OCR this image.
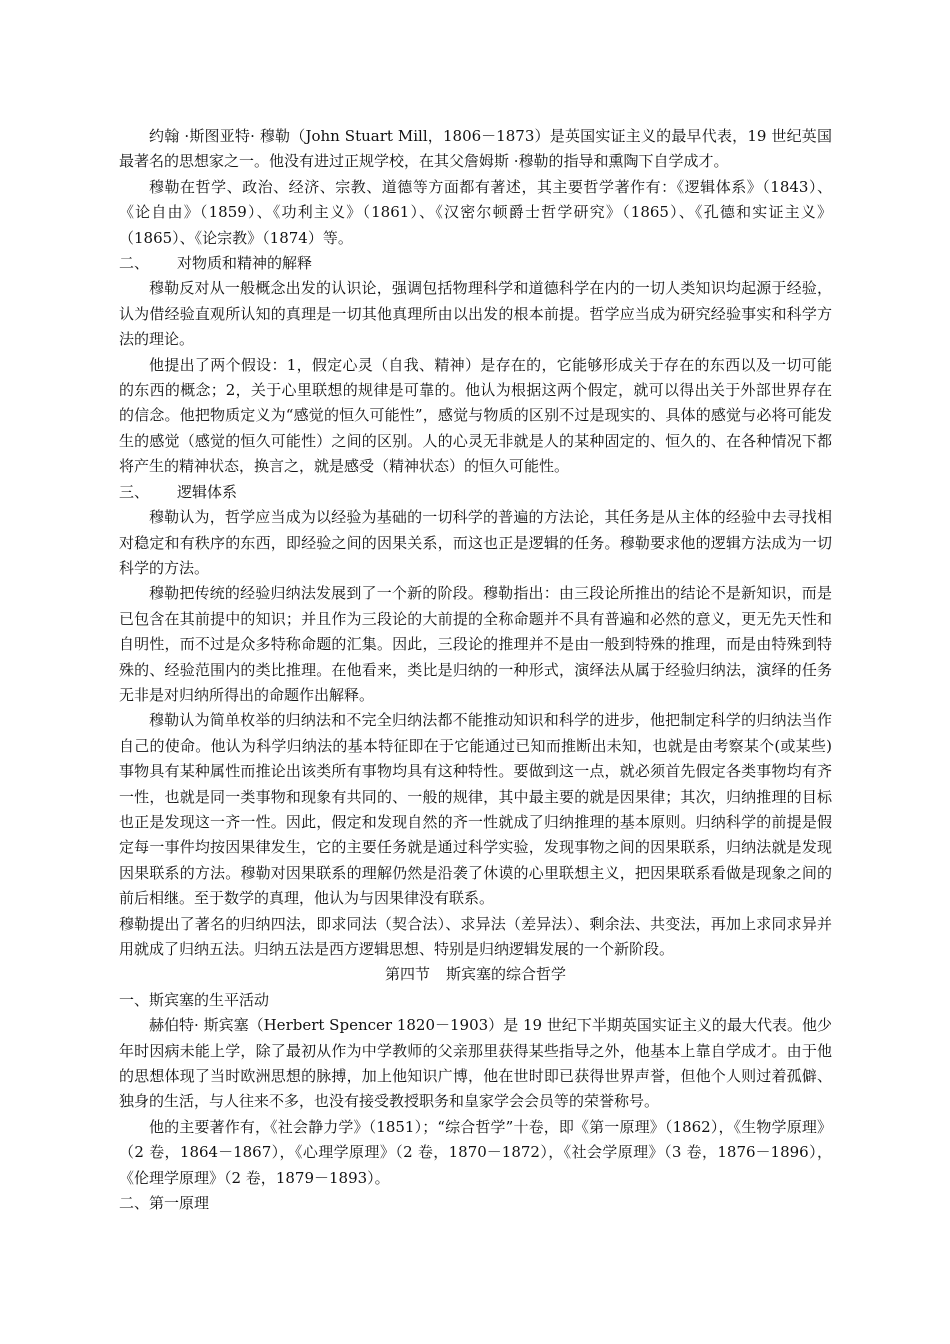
约翰 ·斯图亚特· 穆勒（John Stuart Mill，1806－1873）是英国实证主义的最早代表，19 世纪英国最著名的思想家之一。他没有进过正规学校，在其父詹姆斯 ·穆勒的指导和熏陶下自学成才。

穆勒在哲学、政治、经济、宗教、道德等方面都有著述，其主要哲学著作有：《逻辑体系》（1843）、《论自由》（1859）、《功利主义》（1861）、《汉密尔顿爵士哲学研究》（1865）、《孔德和实证主义》（1865）、《论宗教》（1874）等。

二、 对物质和精神的解释

穆勒反对从一般概念出发的认识论，强调包括物理科学和道德科学在内的一切人类知识均起源于经验，认为借经验直观所认知的真理是一切其他真理所由以出发的根本前提。哲学应当成为研究经验事实和科学方法的理论。

他提出了两个假设：1，假定心灵（自我、精神）是存在的，它能够形成关于存在的东西以及一切可能的东西的概念；2，关于心里联想的规律是可靠的。他认为根据这两个假定，就可以得出关于外部世界存在的信念。他把物质定义为“感觉的恒久可能性”，感觉与物质的区别不过是现实的、具体的感觉与必将可能发生的感觉（感觉的恒久可能性）之间的区别。人的心灵无非就是人的某种固定的、恒久的、在各种情况下都将产生的精神状态，换言之，就是感受（精神状态）的恒久可能性。

三、 逻辑体系

穆勒认为，哲学应当成为以经验为基础的一切科学的普遍的方法论，其任务是从主体的经验中去寻找相对稳定和有秩序的东西，即经验之间的因果关系，而这也正是逻辑的任务。穆勒要求他的逻辑方法成为一切科学的方法。

穆勒把传统的经验归纳法发展到了一个新的阶段。穆勒指出：由三段论所推出的结论不是新知识，而是已包含在其前提中的知识；并且作为三段论的大前提的全称命题并不具有普遍和必然的意义，更无先天性和自明性，而不过是众多特称命题的汇集。因此，三段论的推理并不是由一般到特殊的推理，而是由特殊到特殊的、经验范围内的类比推理。在他看来，类比是归纳的一种形式，演绎法从属于经验归纳法，演绎的任务无非是对归纳所得出的命题作出解释。

穆勒认为简单枚举的归纳法和不完全归纳法都不能推动知识和科学的进步，他把制定科学的归纳法当作自己的使命。他认为科学归纳法的基本特征即在于它能通过已知而推断出未知，也就是由考察某个(或某些)事物具有某种属性而推论出该类所有事物均具有这种特性。要做到这一点，就必须首先假定各类事物均有齐一性，也就是同一类事物和现象有共同的、一般的规律，其中最主要的就是因果律；其次，归纳推理的目标也正是发现这一齐一性。因此，假定和发现自然的齐一性就成了归纳推理的基本原则。归纳科学的前提是假定每一事件均按因果律发生，它的主要任务就是通过科学实验，发现事物之间的因果联系，归纳法就是发现因果联系的方法。穆勒对因果联系的理解仍然是沿袭了休谟的心里联想主义，把因果联系看做是现象之间的前后相继。至于数学的真理，他认为与因果律没有联系。

穆勒提出了著名的归纳四法，即求同法（契合法）、求异法（差异法）、剩余法、共变法，再加上求同求异并用就成了归纳五法。归纳五法是西方逻辑思想、特别是归纳逻辑发展的一个新阶段。

第四节 斯宾塞的综合哲学

一、斯宾塞的生平活动

赫伯特· 斯宾塞（Herbert Spencer 1820－1903）是 19 世纪下半期英国实证主义的最大代表。他少年时因病未能上学，除了最初从作为中学教师的父亲那里获得某些指导之外，他基本上靠自学成才。由于他的思想体现了当时欧洲思想的脉搏，加上他知识广博，他在世时即已获得世界声誉，但他个人则过着孤僻、独身的生活，与人往来不多，也没有接受教授职务和皇家学会会员等的荣誉称号。

他的主要著作有，《社会静力学》（1851）；“综合哲学”十卷，即《第一原理》（1862），《生物学原理》（2 卷，1864－1867），《心理学原理》（2 卷，1870－1872），《社会学原理》（3 卷，1876－1896），《伦理学原理》（2 卷，1879－1893）。

二、第一原理
